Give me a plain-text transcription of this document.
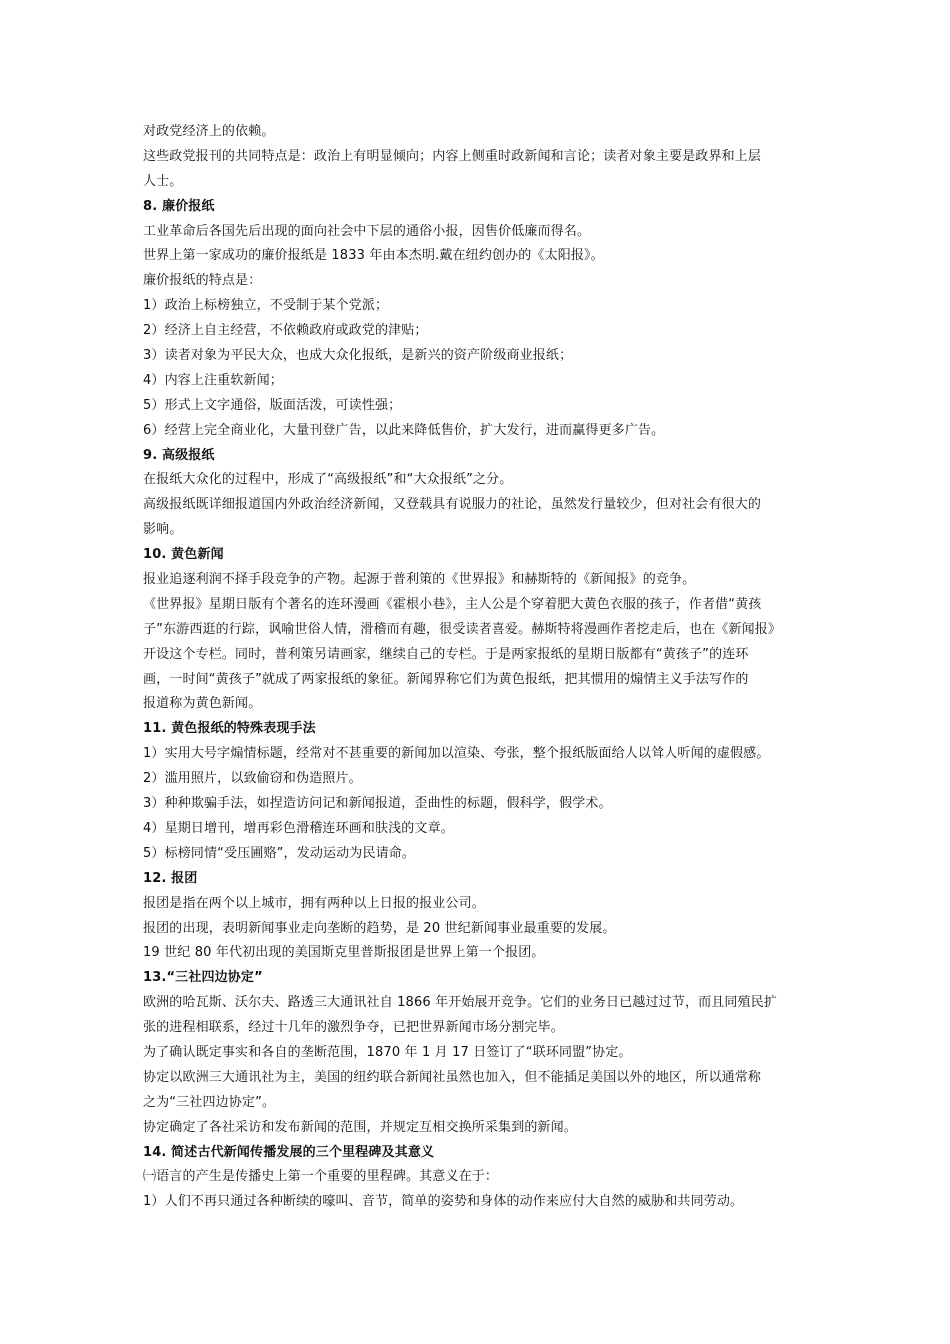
对政党经济上的依赖。
这些政党报刊的共同特点是：政治上有明显倾向；内容上侧重时政新闻和言论；读者对象主要是政界和上层
人士。
8. 廉价报纸
工业革命后各国先后出现的面向社会中下层的通俗小报，因售价低廉而得名。
世界上第一家成功的廉价报纸是 1833 年由本杰明.戴在纽约创办的《太阳报》。
廉价报纸的特点是：
1）政治上标榜独立，不受制于某个党派；
2）经济上自主经营，不依赖政府或政党的津贴；
3）读者对象为平民大众，也成大众化报纸，是新兴的资产阶级商业报纸；
4）内容上注重软新闻；
5）形式上文字通俗，版面活泼，可读性强；
6）经营上完全商业化，大量刊登广告，以此来降低售价，扩大发行，进而赢得更多广告。
9. 高级报纸
在报纸大众化的过程中，形成了“高级报纸”和“大众报纸”之分。
高级报纸既详细报道国内外政治经济新闻，又登载具有说服力的社论，虽然发行量较少，但对社会有很大的
影响。
10. 黄色新闻
报业追逐利润不择手段竞争的产物。起源于普利策的《世界报》和赫斯特的《新闻报》的竞争。
《世界报》星期日版有个著名的连环漫画《霍根小巷》，主人公是个穿着肥大黄色衣服的孩子，作者借“黄孩
子”东游西逛的行踪，讽喻世俗人情，滑稽而有趣，很受读者喜爱。赫斯特将漫画作者挖走后，也在《新闻报》
开设这个专栏。同时，普利策另请画家，继续自己的专栏。于是两家报纸的星期日版都有“黄孩子”的连环
画，一时间“黄孩子”就成了两家报纸的象征。新闻界称它们为黄色报纸，把其惯用的煽情主义手法写作的
报道称为黄色新闻。
11. 黄色报纸的特殊表现手法
1）实用大号字煽情标题，经常对不甚重要的新闻加以渲染、夸张，整个报纸版面给人以耸人听闻的虚假感。
2）滥用照片，以致偷窃和伪造照片。
3）种种欺骗手法，如捏造访问记和新闻报道，歪曲性的标题，假科学，假学术。
4）星期日增刊，增再彩色滑稽连环画和肤浅的文章。
5）标榜同情“受压圃赂”，发动运动为民请命。
12. 报团
报团是指在两个以上城市，拥有两种以上日报的报业公司。
报团的出现，表明新闻事业走向垄断的趋势，是 20 世纪新闻事业最重要的发展。
19 世纪 80 年代初出现的美国斯克里普斯报团是世界上第一个报团。
13.“三社四边协定”
欧洲的哈瓦斯、沃尔夫、路透三大通讯社自 1866 年开始展开竞争。它们的业务日已越过过节，而且同殖民扩
张的进程相联系，经过十几年的激烈争夺，已把世界新闻市场分割完毕。
为了确认既定事实和各自的垄断范围，1870 年 1 月 17 日签订了“联环同盟”协定。
协定以欧洲三大通讯社为主，美国的纽约联合新闻社虽然也加入，但不能插足美国以外的地区，所以通常称
之为“三社四边协定”。
协定确定了各社采访和发布新闻的范围，并规定互相交换所采集到的新闻。
14. 简述古代新闻传播发展的三个里程碑及其意义
㈠语言的产生是传播史上第一个重要的里程碑。其意义在于：
1）人们不再只通过各种断续的嚎叫、音节，简单的姿势和身体的动作来应付大自然的威胁和共同劳动。
